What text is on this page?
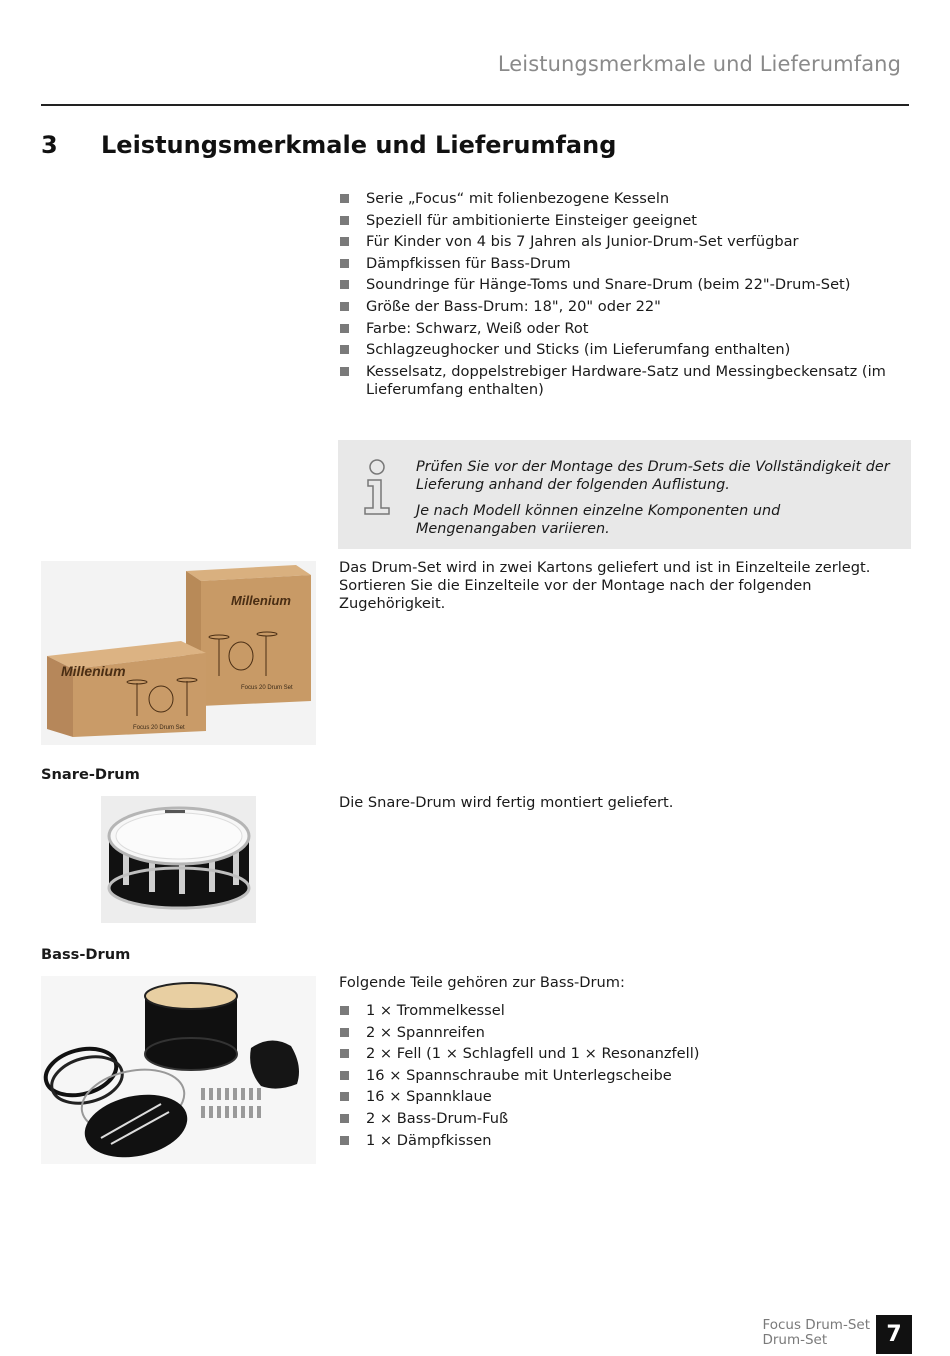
Leistungsmerkmale und Lieferumfang
3 Leistungsmerkmale und Lieferumfang
Serie „Focus“ mit folienbezogene Kesseln
Speziell für ambitionierte Einsteiger geeignet
Für Kinder von 4 bis 7 Jahren als Junior-Drum-Set verfügbar
Dämpfkissen für Bass-Drum
Soundringe für Hänge-Toms und Snare-Drum (beim 22"-Drum-Set)
Größe der Bass-Drum: 18", 20" oder 22"
Farbe: Schwarz, Weiß oder Rot
Schlagzeughocker und Sticks (im Lieferumfang enthalten)
Kesselsatz, doppelstrebiger Hardware-Satz und Messingbeckensatz (im Lieferumfang enthalten)

Prüfen Sie vor der Montage des Drum-Sets die Vollständigkeit der Lieferung anhand der folgenden Auflistung.

Je nach Modell können einzelne Komponenten und Mengenangaben variieren.

Das Drum-Set wird in zwei Kartons geliefert und ist in Einzelteile zerlegt. Sortieren Sie die Einzelteile vor der Montage nach der folgenden Zugehörigkeit.

Millenium
Focus 20 Drum Set
Millenium
Focus 20 Drum Set
Snare-Drum

Die Snare-Drum wird fertig montiert geliefert.

Bass-Drum

Folgende Teile gehören zur Bass-Drum:

1 × Trommelkessel
2 × Spannreifen
2 × Fell (1 × Schlagfell und 1 × Resonanzfell)
16 × Spannschraube mit Unterlegscheibe
16 × Spannklaue
2 × Bass-Drum-Fuß
1 × Dämpfkissen
Focus Drum-Set
Drum-Set	7
